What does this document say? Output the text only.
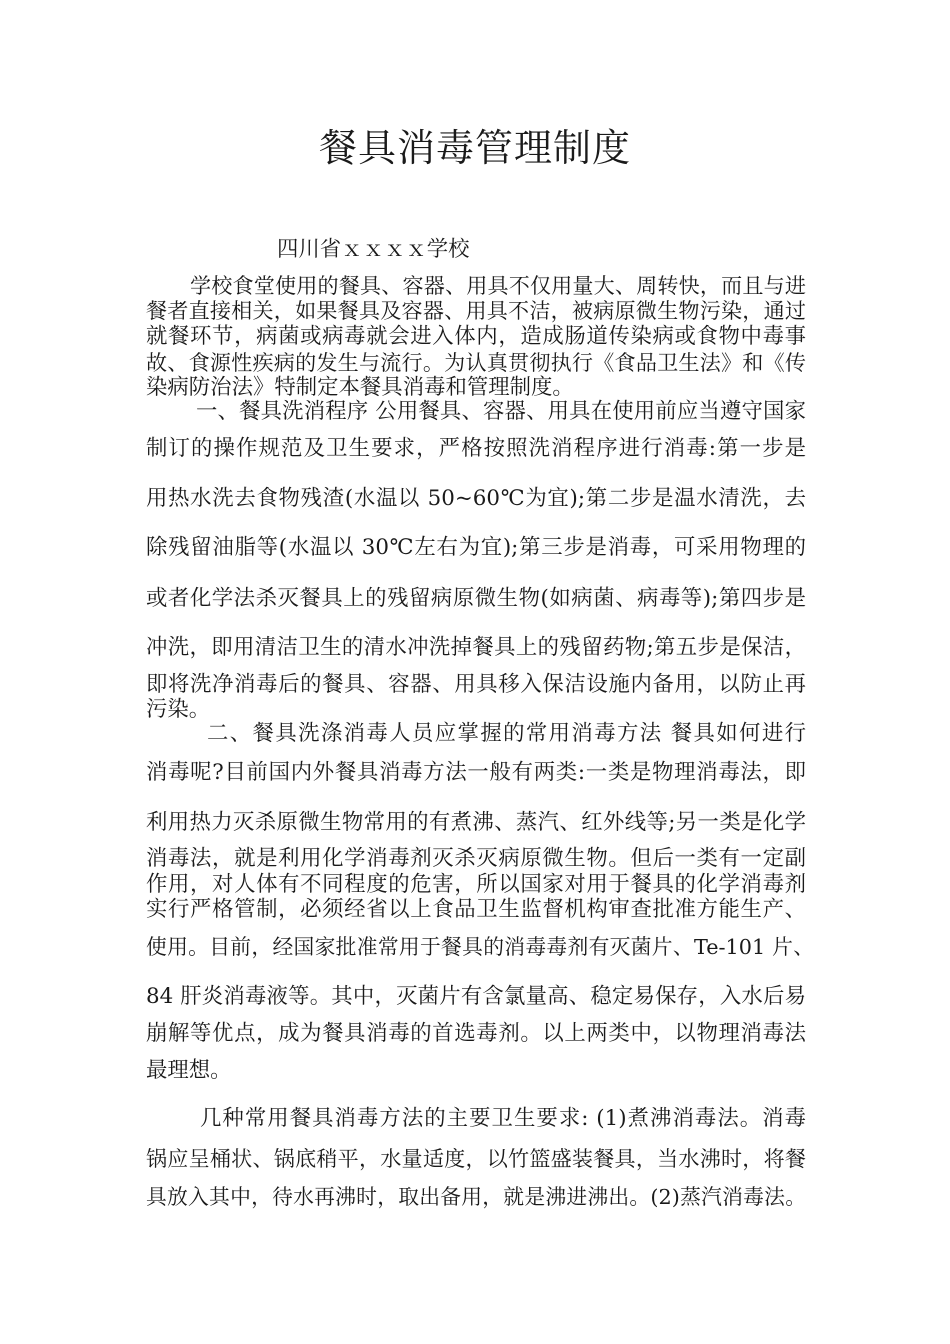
餐具消毒管理制度
四川省ｘｘｘｘ学校
学校食堂使用的餐具、容器、用具不仅用量大、周转快，而且与进
餐者直接相关，如果餐具及容器、用具不洁，被病原微生物污染，通过
就餐环节，病菌或病毒就会进入体内，造成肠道传染病或食物中毒事
故、食源性疾病的发生与流行。为认真贯彻执行《食品卫生法》和《传
染病防治法》特制定本餐具消毒和管理制度。
一、餐具洗消程序 公用餐具、容器、用具在使用前应当遵守国家
制订的操作规范及卫生要求，严格按照洗消程序进行消毒:第一步是
用热水洗去食物残渣(水温以 50~60℃为宜);第二步是温水清洗，去
除残留油脂等(水温以 30℃左右为宜);第三步是消毒，可采用物理的
或者化学法杀灭餐具上的残留病原微生物(如病菌、病毒等);第四步是
冲洗，即用清洁卫生的清水冲洗掉餐具上的残留药物;第五步是保洁，
即将洗净消毒后的餐具、容器、用具移入保洁设施内备用，以防止再
污染。
二、餐具洗涤消毒人员应掌握的常用消毒方法 餐具如何进行
消毒呢?目前国内外餐具消毒方法一般有两类:一类是物理消毒法，即
利用热力灭杀原微生物常用的有煮沸、蒸汽、红外线等;另一类是化学
消毒法，就是利用化学消毒剂灭杀灭病原微生物。但后一类有一定副
作用，对人体有不同程度的危害，所以国家对用于餐具的化学消毒剂
实行严格管制，必须经省以上食品卫生监督机构审查批准方能生产、
使用。目前，经国家批准常用于餐具的消毒毒剂有灭菌片、Te-101 片、
84 肝炎消毒液等。其中，灭菌片有含氯量高、稳定易保存，入水后易
崩解等优点，成为餐具消毒的首选毒剂。以上两类中，以物理消毒法
最理想。
几种常用餐具消毒方法的主要卫生要求: (1)煮沸消毒法。消毒
锅应呈桶状、锅底稍平，水量适度，以竹篮盛装餐具，当水沸时，将餐
具放入其中，待水再沸时，取出备用，就是沸进沸出。(2)蒸汽消毒法。
